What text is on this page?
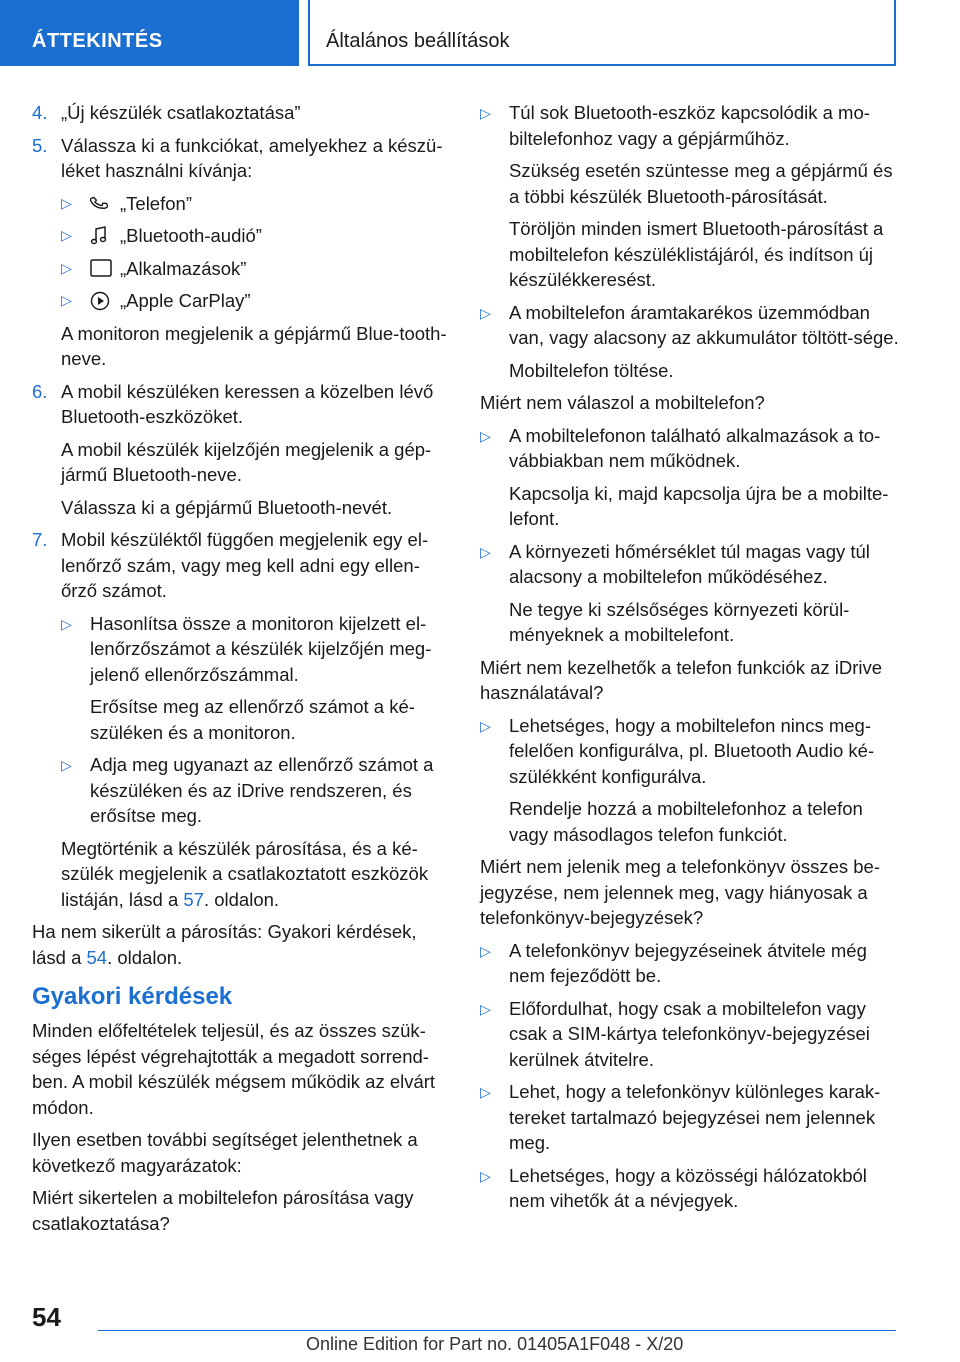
ÁTTEKINTÉS	Általános beállítások
4. „Új készülék csatlakoztatása”
5. Válassza ki a funkciókat, amelyekhez a készü-léket használni kívánja:
▷	„Telefon”
▷	„Bluetooth-audió”
▷	„Alkalmazások”
▷	„Apple CarPlay”

A monitoron megjelenik a gépjármű Blue-tooth-neve.

6. A mobil készüléken keressen a közelben lévő Bluetooth-eszközöket.

A mobil készülék kijelzőjén megjelenik a gép-jármű Bluetooth-neve.

Válassza ki a gépjármű Bluetooth-nevét.

7. Mobil készüléktől függően megjelenik egy el-lenőrző szám, vagy meg kell adni egy ellen-őrző számot.
▷ Hasonlítsa össze a monitoron kijelzett el-lenőrzőszámot a készülék kijelzőjén meg-jelenő ellenőrzőszámmal.

Erősítse meg az ellenőrző számot a ké-szüléken és a monitoron.

▷ Adja meg ugyanazt az ellenőrző számot a készüléken és az iDrive rendszeren, és erősítse meg.

Megtörténik a készülék párosítása, és a ké-szülék megjelenik a csatlakoztatott eszközök listáján, lásd a 57. oldalon.

Ha nem sikerült a párosítás: Gyakori kérdések, lásd a 54. oldalon.

Gyakori kérdések

Minden előfeltételek teljesül, és az összes szük-séges lépést végrehajtották a megadott sorrend-ben. A mobil készülék mégsem működik az elvárt módon.

Ilyen esetben további segítséget jelenthetnek a következő magyarázatok:

Miért sikertelen a mobiltelefon párosítása vagy csatlakoztatása?

▷ Túl sok Bluetooth-eszköz kapcsolódik a mo-biltelefonhoz vagy a gépjárműhöz.

Szükség esetén szüntesse meg a gépjármű és a többi készülék Bluetooth-párosítását.

Töröljön minden ismert Bluetooth-párosítást a mobiltelefon készüléklistájáról, és indítson új készülékkeresést.

▷ A mobiltelefon áramtakarékos üzemmódban van, vagy alacsony az akkumulátor töltött-sége.

Mobiltelefon töltése.

Miért nem válaszol a mobiltelefon?

▷ A mobiltelefonon található alkalmazások a to-vábbiakban nem működnek.

Kapcsolja ki, majd kapcsolja újra be a mobilte-lefont.

▷ A környezeti hőmérséklet túl magas vagy túl alacsony a mobiltelefon működéséhez.

Ne tegye ki szélsőséges környezeti körül-ményeknek a mobiltelefont.

Miért nem kezelhetők a telefon funkciók az iDrive használatával?

▷ Lehetséges, hogy a mobiltelefon nincs meg-felelően konfigurálva, pl. Bluetooth Audio ké-szülékként konfigurálva.

Rendelje hozzá a mobiltelefonhoz a telefon vagy másodlagos telefon funkciót.

Miért nem jelenik meg a telefonkönyv összes be-jegyzése, nem jelennek meg, vagy hiányosak a telefonkönyv-bejegyzések?

▷ A telefonkönyv bejegyzéseinek átvitele még nem fejeződött be.
▷ Előfordulhat, hogy csak a mobiltelefon vagy csak a SIM-kártya telefonkönyv-bejegyzései kerülnek átvitelre.
▷ Lehet, hogy a telefonkönyv különleges karak-tereket tartalmazó bejegyzései nem jelennek meg.
▷ Lehetséges, hogy a közösségi hálózatokból nem vihetők át a névjegyek.
54
Online Edition for Part no. 01405A1F048 - X/20
